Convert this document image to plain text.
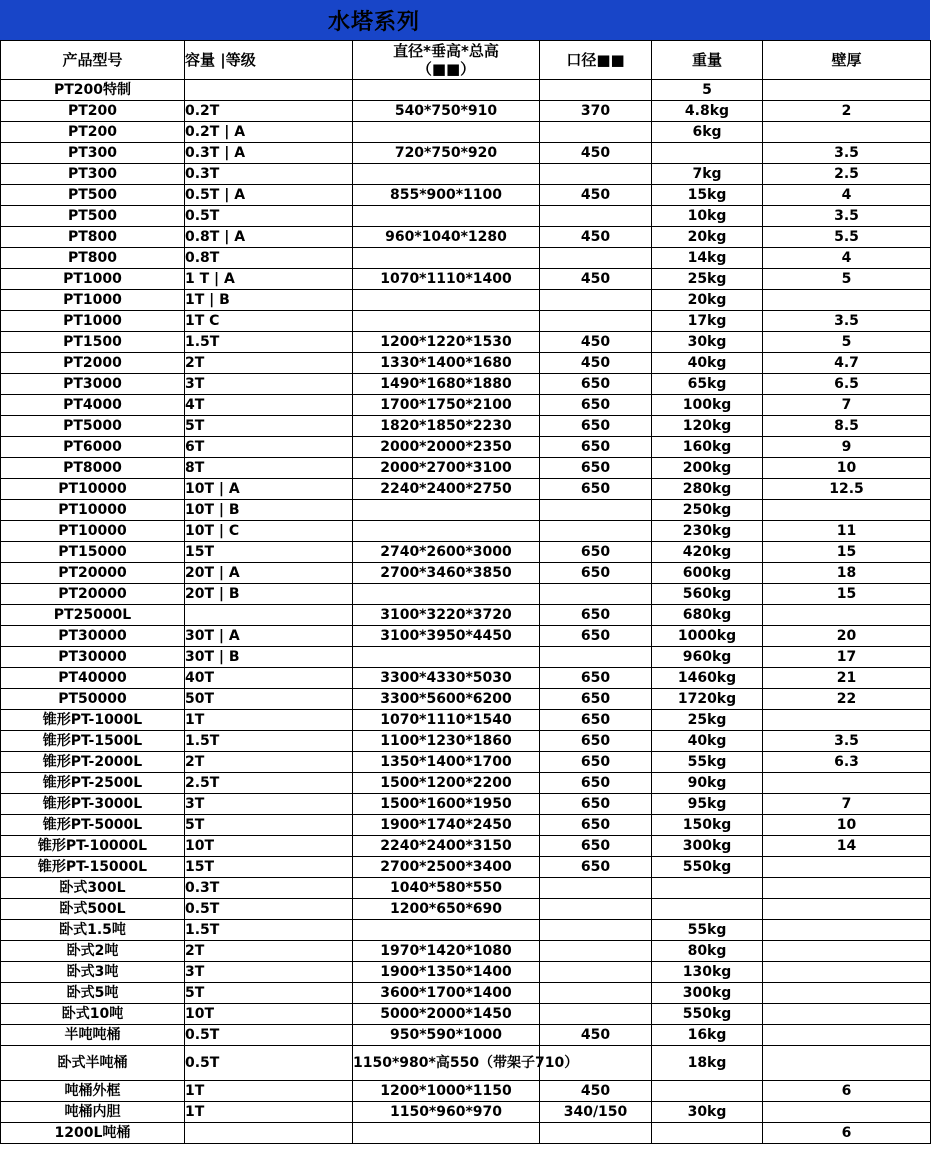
水塔系列
产品型号	容量 |等级	直径*垂高*总高
（■■）	口径■■	重量	壁厚
PT200特制				5	
PT200	0.2T	540*750*910	370	4.8kg	2
PT200	0.2T | A			6kg	
PT300	0.3T | A	720*750*920	450		3.5
PT300	0.3T			7kg	2.5
PT500	0.5T | A	855*900*1100	450	15kg	4
PT500	0.5T			10kg	3.5
PT800	0.8T | A	960*1040*1280	450	20kg	5.5
PT800	0.8T			14kg	4
PT1000	1 T | A	1070*1110*1400	450	25kg	5
PT1000	1T | B			20kg	
PT1000	1T C			17kg	3.5
PT1500	1.5T	1200*1220*1530	450	30kg	5
PT2000	2T	1330*1400*1680	450	40kg	4.7
PT3000	3T	1490*1680*1880	650	65kg	6.5
PT4000	4T	1700*1750*2100	650	100kg	7
PT5000	5T	1820*1850*2230	650	120kg	8.5
PT6000	6T	2000*2000*2350	650	160kg	9
PT8000	8T	2000*2700*3100	650	200kg	10
PT10000	10T | A	2240*2400*2750	650	280kg	12.5
PT10000	10T | B			250kg	
PT10000	10T | C			230kg	11
PT15000	15T	2740*2600*3000	650	420kg	15
PT20000	20T | A	2700*3460*3850	650	600kg	18
PT20000	20T | B			560kg	15
PT25000L		3100*3220*3720	650	680kg	
PT30000	30T | A	3100*3950*4450	650	1000kg	20
PT30000	30T | B			960kg	17
PT40000	40T	3300*4330*5030	650	1460kg	21
PT50000	50T	3300*5600*6200	650	1720kg	22
锥形PT-1000L	1T	1070*1110*1540	650	25kg	
锥形PT-1500L	1.5T	1100*1230*1860	650	40kg	3.5
锥形PT-2000L	2T	1350*1400*1700	650	55kg	6.3
锥形PT-2500L	2.5T	1500*1200*2200	650	90kg	
锥形PT-3000L	3T	1500*1600*1950	650	95kg	7
锥形PT-5000L	5T	1900*1740*2450	650	150kg	10
锥形PT-10000L	10T	2240*2400*3150	650	300kg	14
锥形PT-15000L	15T	2700*2500*3400	650	550kg	
卧式300L	0.3T	1040*580*550			
卧式500L	0.5T	1200*650*690			
卧式1.5吨	1.5T			55kg	
卧式2吨	2T	1970*1420*1080		80kg	
卧式3吨	3T	1900*1350*1400		130kg	
卧式5吨	5T	3600*1700*1400		300kg	
卧式10吨	10T	5000*2000*1450		550kg	
半吨吨桶	0.5T	950*590*1000	450	16kg	
卧式半吨桶	0.5T	1150*980*高550（带架子710）		18kg	
吨桶外框	1T	1200*1000*1150	450		6
吨桶内胆	1T	1150*960*970	340/150	30kg	
1200L吨桶					6
